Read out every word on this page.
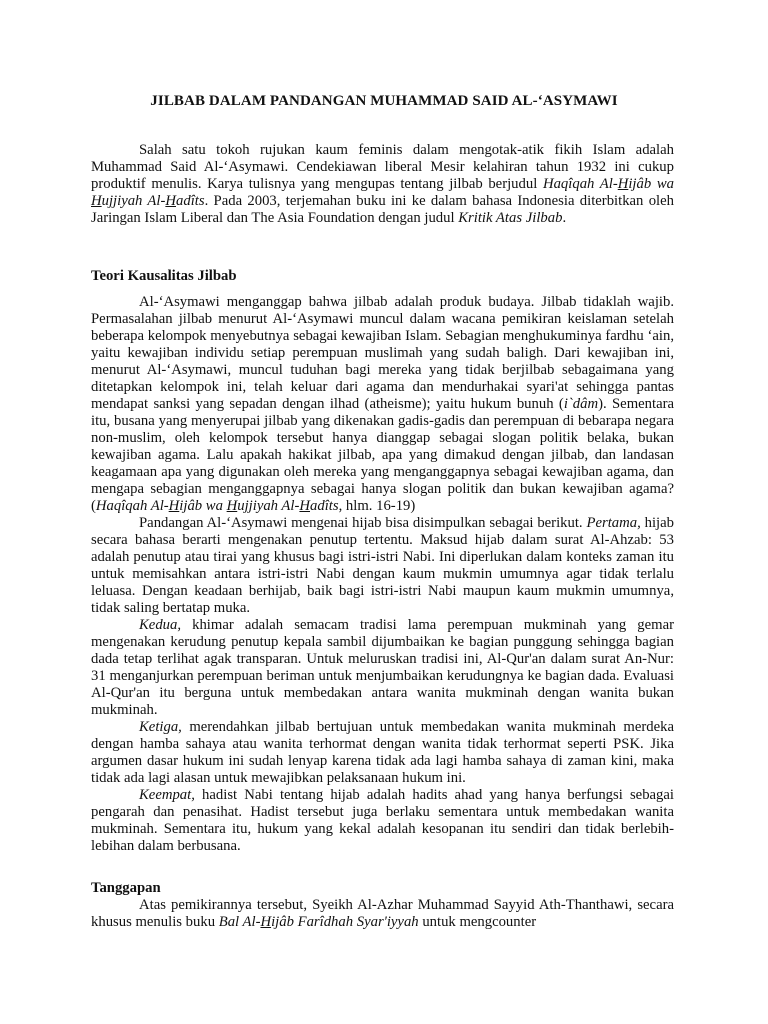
JILBAB DALAM PANDANGAN MUHAMMAD SAID AL-‘ASYMAWI

Salah satu tokoh rujukan kaum feminis dalam mengotak-atik fikih Islam adalah Muhammad Said Al-‘Asymawi. Cendekiawan liberal Mesir kelahiran tahun 1932 ini cukup produktif menulis. Karya tulisnya yang mengupas tentang jilbab berjudul Haqîqah Al-Hijâb wa Hujjiyah Al-Hadîts. Pada 2003, terjemahan buku ini ke dalam bahasa Indonesia diterbitkan oleh Jaringan Islam Liberal dan The Asia Foundation dengan judul Kritik Atas Jilbab.

Teori Kausalitas Jilbab

Al-‘Asymawi menganggap bahwa jilbab adalah produk budaya. Jilbab tidaklah wajib. Permasalahan jilbab menurut Al-‘Asymawi muncul dalam wacana pemikiran keislaman setelah beberapa kelompok menyebutnya sebagai kewajiban Islam. Sebagian menghukuminya fardhu ‘ain, yaitu kewajiban individu setiap perempuan muslimah yang sudah baligh. Dari kewajiban ini, menurut Al-‘Asymawi, muncul tuduhan bagi mereka yang tidak berjilbab sebagaimana yang ditetapkan kelompok ini, telah keluar dari agama dan mendurhakai syari'at sehingga pantas mendapat sanksi yang sepadan dengan ilhad (atheisme); yaitu hukum bunuh (i`dâm). Sementara itu, busana yang menyerupai jilbab yang dikenakan gadis-gadis dan perempuan di bebarapa negara non-muslim, oleh kelompok tersebut hanya dianggap sebagai slogan politik belaka, bukan kewajiban agama. Lalu apakah hakikat jilbab, apa yang dimakud dengan jilbab, dan landasan keagamaan apa yang digunakan oleh mereka yang menganggapnya sebagai kewajiban agama, dan mengapa sebagian menganggapnya sebagai hanya slogan politik dan bukan kewajiban agama? (Haqîqah Al-Hijâb wa Hujjiyah Al-Hadîts, hlm. 16-19)

Pandangan Al-‘Asymawi mengenai hijab bisa disimpulkan sebagai berikut. Pertama, hijab secara bahasa berarti mengenakan penutup tertentu. Maksud hijab dalam surat Al-Ahzab: 53 adalah penutup atau tirai yang khusus bagi istri-istri Nabi. Ini diperlukan dalam konteks zaman itu untuk memisahkan antara istri-istri Nabi dengan kaum mukmin umumnya agar tidak terlalu leluasa. Dengan keadaan berhijab, baik bagi istri-istri Nabi maupun kaum mukmin umumnya, tidak saling bertatap muka.

Kedua, khimar adalah semacam tradisi lama perempuan mukminah yang gemar mengenakan kerudung penutup kepala sambil dijumbaikan ke bagian punggung sehingga bagian dada tetap terlihat agak transparan. Untuk meluruskan tradisi ini, Al-Qur'an dalam surat An-Nur: 31 menganjurkan perempuan beriman untuk menjumbaikan kerudungnya ke bagian dada. Evaluasi Al-Qur'an itu berguna untuk membedakan antara wanita mukminah dengan wanita bukan mukminah.

Ketiga, merendahkan jilbab bertujuan untuk membedakan wanita mukminah merdeka dengan hamba sahaya atau wanita terhormat dengan wanita tidak terhormat seperti PSK. Jika argumen dasar hukum ini sudah lenyap karena tidak ada lagi hamba sahaya di zaman kini, maka tidak ada lagi alasan untuk mewajibkan pelaksanaan hukum ini.

Keempat, hadist Nabi tentang hijab adalah hadits ahad yang hanya berfungsi sebagai pengarah dan penasihat. Hadist tersebut juga berlaku sementara untuk membedakan wanita mukminah. Sementara itu, hukum yang kekal adalah kesopanan itu sendiri dan tidak berlebih-lebihan dalam berbusana.

Tanggapan

Atas pemikirannya tersebut, Syeikh Al-Azhar Muhammad Sayyid Ath-Thanthawi, secara khusus menulis buku Bal Al-Hijâb Farîdhah Syar'iyyah untuk mengcounter
